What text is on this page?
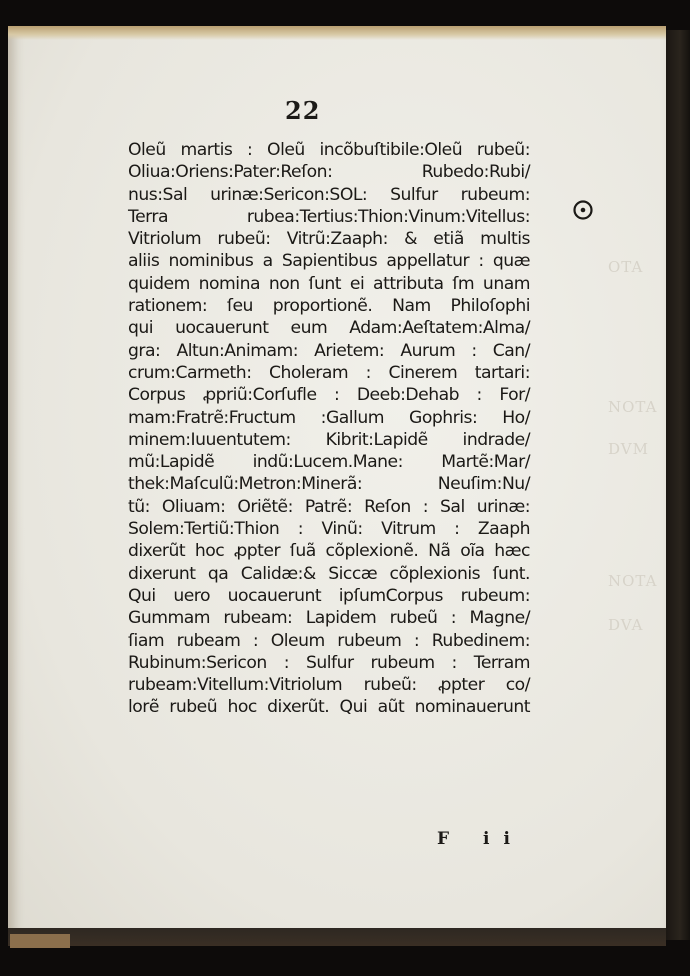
OTA
NOTA
DVM
NOTA
DVA
22
Oleũ martis : Oleũ incõbuſtibile:Oleũ rubeũ:
Oliua:Oriens:Pater:Reſon: Rubedo:Rubi/
nus:Sal urinæ:Sericon:SOL: Sulfur rubeum:
Terra rubea:Tertius:Thion:Vinum:Vitellus:
Vitriolum rubeũ: Vitrũ:Zaaph: & etiã multis
aliis nominibus a Sapientibus appellatur : quæ
quidem nomina non ſunt ei attributa ſm unam
rationem: ſeu proportionẽ. Nam Philoſophi
qui uocauerunt eum Adam:Aeſtatem:Alma/
gra: Altun:Animam: Arietem: Aurum : Can/
crum:Carmeth: Choleram : Cinerem tartari:
Corpus ꝓpriũ:Corſufle : Deeb:Dehab : For/
mam:Fratrẽ:Fructum :Gallum Gophris: Ho/
minem:Iuuentutem: Kibrit:Lapidẽ indrade/
mũ:Lapidẽ indũ:Lucem.Mane: Martẽ:Mar/
thek:Maſculũ:Metron:Minerã: Neuſim:Nu/
tũ: Oliuam: Oriẽtẽ: Patrẽ: Reſon : Sal urinæ:
Solem:Tertiũ:Thion : Vinũ: Vitrum : Zaaph
dixerũt hoc ꝓpter ſuã cõplexionẽ. Nã oĩa hæc
dixerunt qa Calidæ:& Siccæ cõplexionis ſunt.
Qui uero uocauerunt ipſumCorpus rubeum:
Gummam rubeam: Lapidem rubeũ : Magne/
ſiam rubeam : Oleum rubeum : Rubedinem:
Rubinum:Sericon : Sulfur rubeum : Terram
rubeam:Vitellum:Vitriolum rubeũ: ꝓpter co/
lorẽ rubeũ hoc dixerũt. Qui aũt nominauerunt
F ii
